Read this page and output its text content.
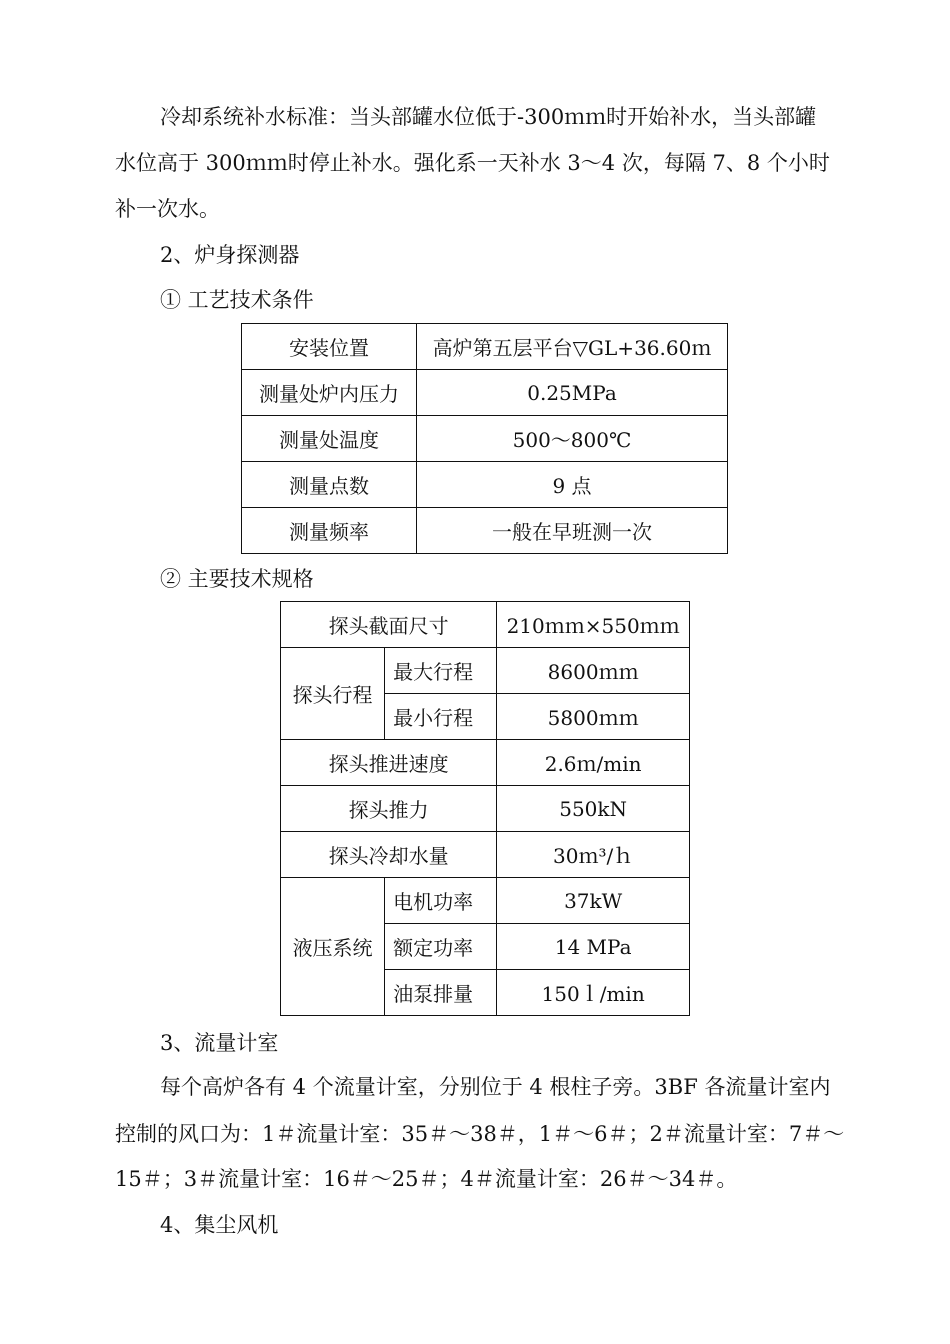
冷却系统补水标准：当头部罐水位低于-300ｍｍ时开始补水，当头部罐
水位高于 300ｍｍ时停止补水。强化系一天补水 3～4 次，每隔 7、8 个小时
补一次水。
2、炉身探测器
① 工艺技术条件
安装位置	高炉第五层平台▽GL+36.60ｍ
测量处炉内压力	0.25MPa
测量处温度	500～800℃
测量点数	9 点
测量频率	一般在早班测一次
② 主要技术规格
探头截面尺寸		210ｍｍ×550ｍｍ
探头行程	最大行程	8600ｍｍ
	最小行程	5800ｍｍ
探头推进速度		2.6ｍ/min
探头推力		550kN
探头冷却水量		30ｍ³/ｈ
液压系统	电机功率	37kW
	额定功率	14 MPa
	油泵排量	150ｌ/min
3、流量计室
每个高炉各有 4 个流量计室，分别位于 4 根柱子旁。3BF 各流量计室内
控制的风口为：1＃流量计室：35＃～38＃，1＃～6＃；2＃流量计室：7＃～
15＃；3＃流量计室：16＃～25＃；4＃流量计室：26＃～34＃。
4、集尘风机
